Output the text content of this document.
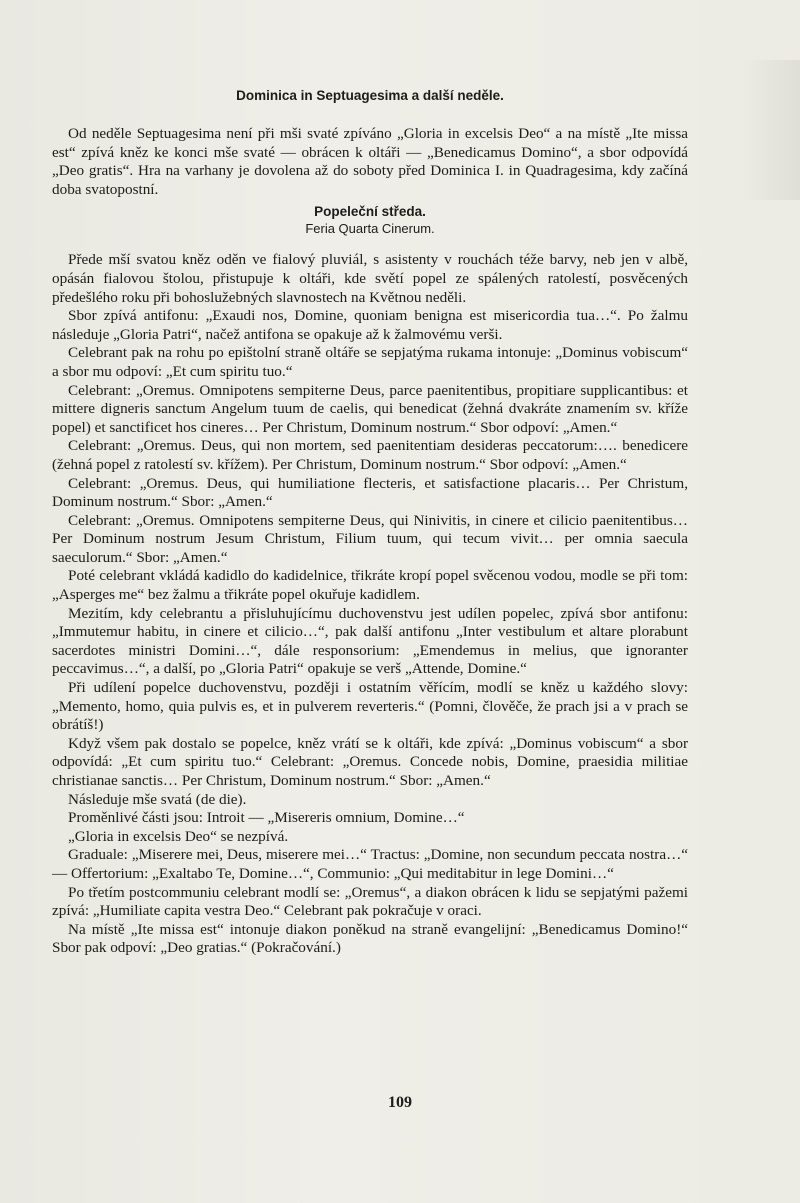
Dominica in Septuagesima a další neděle.

Od neděle Septuagesima není při mši svaté zpíváno „Gloria in excelsis Deo“ a na místě „Ite missa est“ zpívá kněz ke konci mše svaté — obrácen k oltáři — „Benedicamus Domino“, a sbor odpovídá „Deo gratis“. Hra na varhany je dovolena až do soboty před Dominica I. in Quadragesima, kdy začíná doba svatopostní.

Popeleční středa.
Feria Quarta Cinerum.

Přede mší svatou kněz oděn ve fialový pluviál, s asistenty v rouchách téže barvy, neb jen v albě, opásán fialovou štolou, přistupuje k oltáři, kde světí popel ze spálených ratolestí, posvěcených předešlého roku při bohoslužebných slavnostech na Květnou neděli.

Sbor zpívá antifonu: „Exaudi nos, Domine, quoniam benigna est misericordia tua…“. Po žalmu následuje „Gloria Patri“, načež antifona se opakuje až k žalmovému verši.

Celebrant pak na rohu po epištolní straně oltáře se sepjatýma rukama intonuje: „Dominus vobiscum“ a sbor mu odpoví: „Et cum spiritu tuo.“

Celebrant: „Oremus. Omnipotens sempiterne Deus, parce paenitentibus, propitiare supplicantibus: et mittere digneris sanctum Angelum tuum de caelis, qui benedicat (žehná dvakráte znamením sv. kříže popel) et sanctificet hos cineres… Per Christum, Dominum nostrum.“ Sbor odpoví: „Amen.“

Celebrant: „Oremus. Deus, qui non mortem, sed paenitentiam desideras peccatorum:…. benedicere (žehná popel z ratolestí sv. křížem). Per Christum, Dominum nostrum.“ Sbor odpoví: „Amen.“

Celebrant: „Oremus. Deus, qui humiliatione flecteris, et satisfactione placaris… Per Christum, Dominum nostrum.“ Sbor: „Amen.“

Celebrant: „Oremus. Omnipotens sempiterne Deus, qui Ninivitis, in cinere et cilicio paenitentibus… Per Dominum nostrum Jesum Christum, Filium tuum, qui tecum vivit… per omnia saecula saeculorum.“ Sbor: „Amen.“

Poté celebrant vkládá kadidlo do kadidelnice, třikráte kropí popel svěcenou vodou, modle se při tom: „Asperges me“ bez žalmu a třikráte popel okuřuje kadidlem.

Mezitím, kdy celebrantu a přisluhujícímu duchovenstvu jest udílen popelec, zpívá sbor antifonu: „Immutemur habitu, in cinere et cilicio…“, pak další antifonu „Inter vestibulum et altare plorabunt sacerdotes ministri Domini…“, dále responsorium: „Emendemus in melius, que ignoranter peccavimus…“, a další, po „Gloria Patri“ opakuje se verš „Attende, Domine.“

Při udílení popelce duchovenstvu, později i ostatním věřícím, modlí se kněz u každého slovy: „Memento, homo, quia pulvis es, et in pulverem reverteris.“ (Pomni, člověče, že prach jsi a v prach se obrátíš!)

Když všem pak dostalo se popelce, kněz vrátí se k oltáři, kde zpívá: „Dominus vobiscum“ a sbor odpovídá: „Et cum spiritu tuo.“ Celebrant: „Oremus. Concede nobis, Domine, praesidia militiae christianae sanctis… Per Christum, Dominum nostrum.“ Sbor: „Amen.“

Následuje mše svatá (de die).

Proměnlivé části jsou: Introit — „Misereris omnium, Domine…“

„Gloria in excelsis Deo“ se nezpívá.

Graduale: „Miserere mei, Deus, miserere mei…“ Tractus: „Domine, non secundum peccata nostra…“ — Offertorium: „Exaltabo Te, Domine…“, Communio: „Qui meditabitur in lege Domini…“

Po třetím postcommuniu celebrant modlí se: „Oremus“, a diakon obrácen k lidu se sepjatými pažemi zpívá: „Humiliate capita vestra Deo.“ Celebrant pak pokračuje v oraci.

Na místě „Ite missa est“ intonuje diakon poněkud na straně evangelijní: „Benedicamus Domino!“ Sbor pak odpoví: „Deo gratias.“ (Pokračování.)

109
